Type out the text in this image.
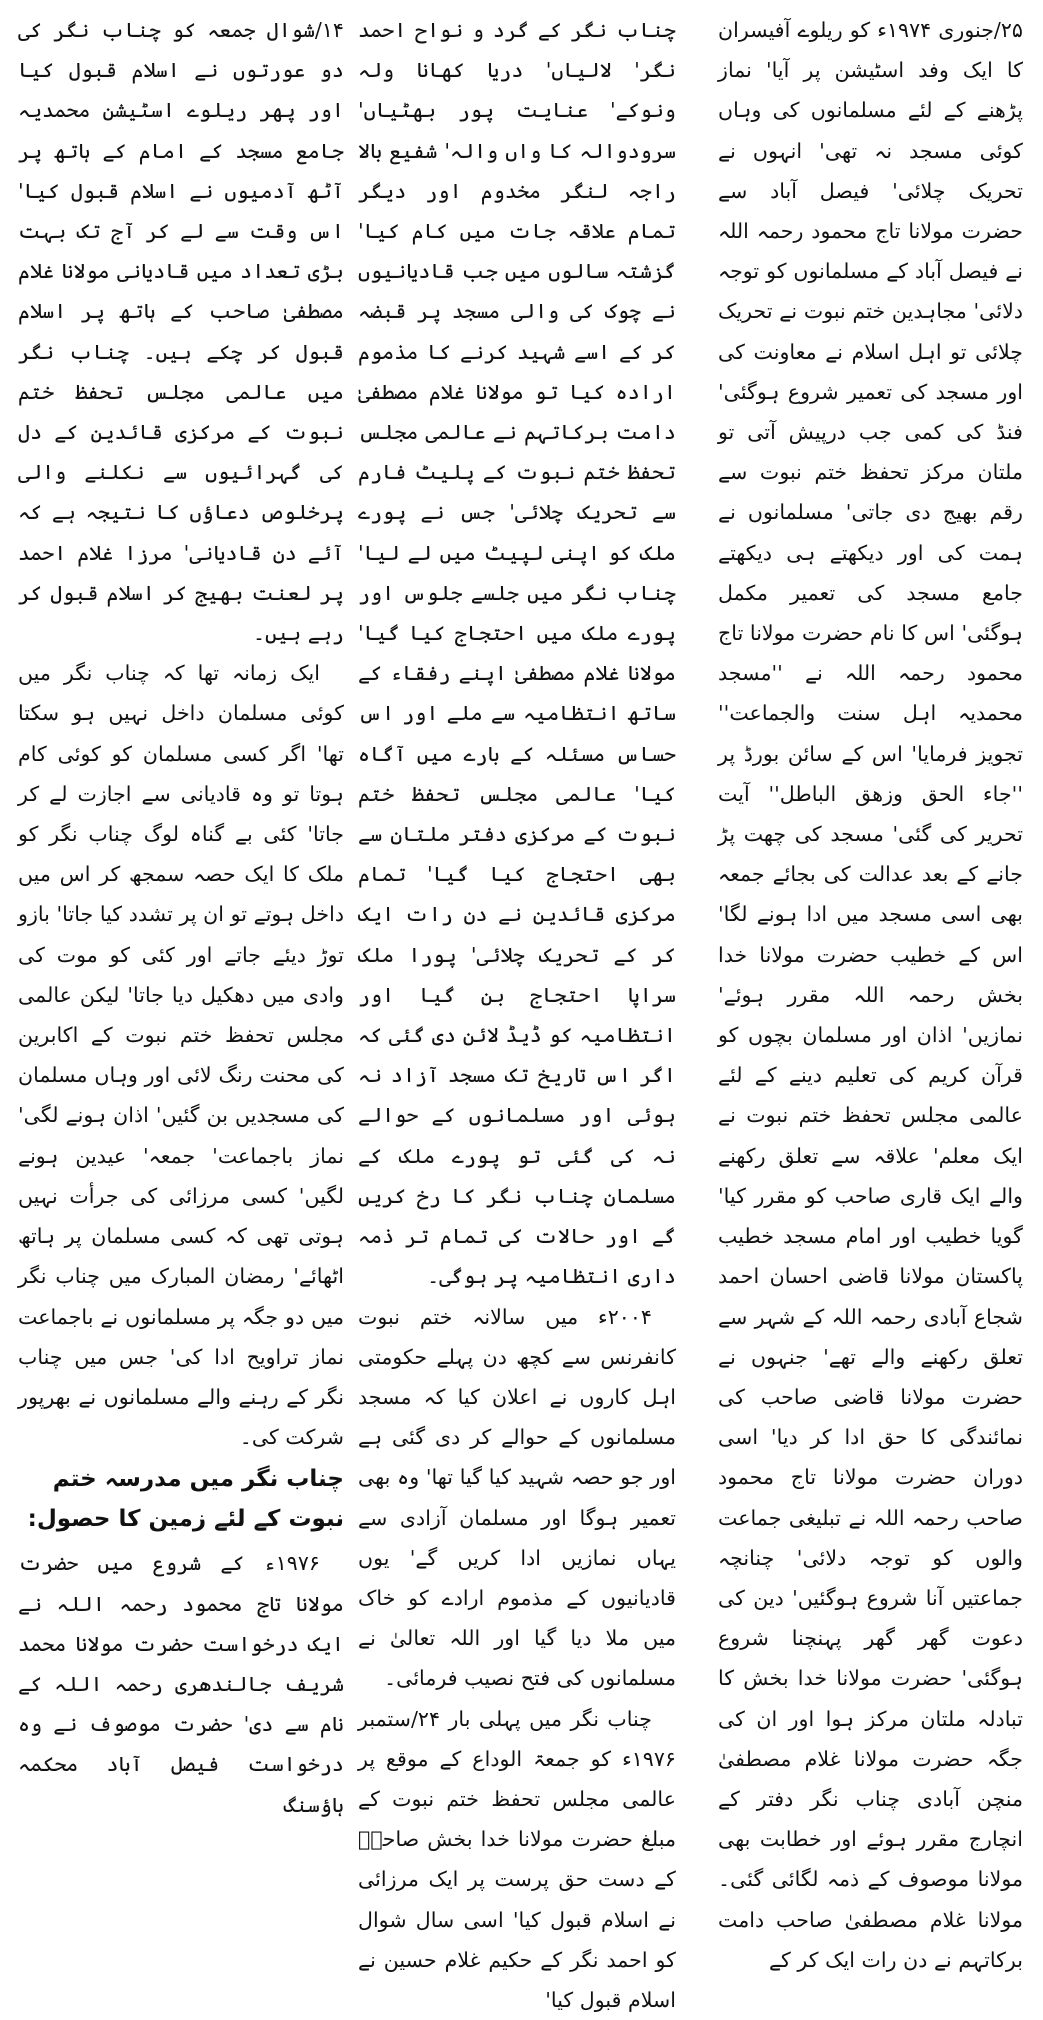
۲۵/جنوری ۱۹۷۴ء کو ریلوے آفیسران کا ایک وفد اسٹیشن پر آیا' نماز پڑھنے کے لئے مسلمانوں کی وہاں کوئی مسجد نہ تھی' انہوں نے تحریک چلائی' فیصل آباد سے حضرت مولانا تاج محمود رحمہ اللہ نے فیصل آباد کے مسلمانوں کو توجہ دلائی' مجاہدین ختم نبوت نے تحریک چلائی تو اہل اسلام نے معاونت کی اور مسجد کی تعمیر شروع ہوگئی' فنڈ کی کمی جب درپیش آتی تو ملتان مرکز تحفظ ختم نبوت سے رقم بھیج دی جاتی' مسلمانوں نے ہمت کی اور دیکھتے ہی دیکھتے جامع مسجد کی تعمیر مکمل ہوگئی' اس کا نام حضرت مولانا تاج محمود رحمہ اللہ نے ''مسجد محمدیہ اہل سنت والجماعت'' تجویز فرمایا' اس کے سائن بورڈ پر ''جاء الحق وزھق الباطل'' آیت تحریر کی گئی' مسجد کی چھت پڑ جانے کے بعد عدالت کی بجائے جمعہ بھی اسی مسجد میں ادا ہونے لگا' اس کے خطیب حضرت مولانا خدا بخش رحمہ اللہ مقرر ہوئے' نمازیں' اذان اور مسلمان بچوں کو قرآن کریم کی تعلیم دینے کے لئے عالمی مجلس تحفظ ختم نبوت نے ایک معلم' علاقہ سے تعلق رکھنے والے ایک قاری صاحب کو مقرر کیا' گویا خطیب اور امام مسجد خطیب پاکستان مولانا قاضی احسان احمد شجاع آبادی رحمہ اللہ کے شہر سے تعلق رکھنے والے تھے' جنہوں نے حضرت مولانا قاضی صاحب کی نمائندگی کا حق ادا کر دیا' اسی دوران حضرت مولانا تاج محمود صاحب رحمہ اللہ نے تبلیغی جماعت والوں کو توجہ دلائی' چنانچہ جماعتیں آنا شروع ہوگئیں' دین کی دعوت گھر گھر پہنچنا شروع ہوگئی' حضرت مولانا خدا بخش کا تبادلہ ملتان مرکز ہوا اور ان کی جگہ حضرت مولانا غلام مصطفیٰ منچن آبادی چناب نگر دفتر کے انچارج مقرر ہوئے اور خطابت بھی مولانا موصوف کے ذمہ لگائی گئی۔ مولانا غلام مصطفیٰ صاحب دامت برکاتہم نے دن رات ایک کر کے

چناب نگر کے گرد و نواح احمد نگر' لالیاں' دریا کھانا ولہ ونوکے' عنایت پور بھٹیاں' سرودوالہ کا واں والہ' شفیع بالا راجہ لنگر مخدوم اور دیگر تمام علاقہ جات میں کام کیا' گزشتہ سالوں میں جب قادیانیوں نے چوک کی والی مسجد پر قبضہ کر کے اسے شہید کرنے کا مذموم ارادہ کیا تو مولانا غلام مصطفیٰ دامت برکاتہم نے عالمی مجلس تحفظ ختم نبوت کے پلیٹ فارم سے تحریک چلائی' جس نے پورے ملک کو اپنی لپیٹ میں لے لیا' چناب نگر میں جلسے جلوس اور پورے ملک میں احتجاج کیا گیا' مولانا غلام مصطفیٰ اپنے رفقاء کے ساتھ انتظامیہ سے ملے اور اس حساس مسئلہ کے بارے میں آگاہ کیا' عالمی مجلس تحفظ ختم نبوت کے مرکزی دفتر ملتان سے بھی احتجاج کیا گیا' تمام مرکزی قائدین نے دن رات ایک کر کے تحریک چلائی' پورا ملک سراپا احتجاج بن گیا اور انتظامیہ کو ڈیڈ لائن دی گئی کہ اگر اس تاریخ تک مسجد آزاد نہ ہوئی اور مسلمانوں کے حوالے نہ کی گئی تو پورے ملک کے مسلمان چناب نگر کا رخ کریں گے اور حالات کی تمام تر ذمہ داری انتظامیہ پر ہوگی۔

۲۰۰۴ء میں سالانہ ختم نبوت کانفرنس سے کچھ دن پہلے حکومتی اہل کاروں نے اعلان کیا کہ مسجد مسلمانوں کے حوالے کر دی گئی ہے اور جو حصہ شہید کیا گیا تھا' وہ بھی تعمیر ہوگا اور مسلمان آزادی سے یہاں نمازیں ادا کریں گے' یوں قادیانیوں کے مذموم ارادے کو خاک میں ملا دیا گیا اور اللہ تعالیٰ نے مسلمانوں کی فتح نصیب فرمائی۔

چناب نگر میں پہلی بار ۲۴/ستمبر ۱۹۷۶ء کو جمعۃ الوداع کے موقع پر عالمی مجلس تحفظ ختم نبوت کے مبلغ حضرت مولانا خدا بخش صاحبؒ کے دست حق پرست پر ایک مرزائی نے اسلام قبول کیا' اسی سال شوال کو احمد نگر کے حکیم غلام حسین نے اسلام قبول کیا'

۱۴/شوال جمعہ کو چناب نگر کی دو عورتوں نے اسلام قبول کیا اور پھر ریلوے اسٹیشن محمدیہ جامع مسجد کے امام کے ہاتھ پر آٹھ آدمیوں نے اسلام قبول کیا' اس وقت سے لے کر آج تک بہت بڑی تعداد میں قادیانی مولانا غلام مصطفیٰ صاحب کے ہاتھ پر اسلام قبول کر چکے ہیں۔ چناب نگر میں عالمی مجلس تحفظ ختم نبوت کے مرکزی قائدین کے دل کی گہرائیوں سے نکلنے والی پرخلوص دعاؤں کا نتیجہ ہے کہ آئے دن قادیانی' مرزا غلام احمد پر لعنت بھیج کر اسلام قبول کر رہے ہیں۔

ایک زمانہ تھا کہ چناب نگر میں کوئی مسلمان داخل نہیں ہو سکتا تھا' اگر کسی مسلمان کو کوئی کام ہوتا تو وہ قادیانی سے اجازت لے کر جاتا' کئی بے گناہ لوگ چناب نگر کو ملک کا ایک حصہ سمجھ کر اس میں داخل ہوتے تو ان پر تشدد کیا جاتا' بازو توڑ دیئے جاتے اور کئی کو موت کی وادی میں دھکیل دیا جاتا' لیکن عالمی مجلس تحفظ ختم نبوت کے اکابرین کی محنت رنگ لائی اور وہاں مسلمان کی مسجدیں بن گئیں' اذان ہونے لگی' نماز باجماعت' جمعہ' عیدین ہونے لگیں' کسی مرزائی کی جرأت نہیں ہوتی تھی کہ کسی مسلمان پر ہاتھ اٹھائے' رمضان المبارک میں چناب نگر میں دو جگہ پر مسلمانوں نے باجماعت نماز تراویح ادا کی' جس میں چناب نگر کے رہنے والے مسلمانوں نے بھرپور شرکت کی۔

چناب نگر میں مدرسہ ختم نبوت کے لئے زمین کا حصول:

۱۹۷۶ء کے شروع میں حضرت مولانا تاج محمود رحمہ اللہ نے ایک درخواست حضرت مولانا محمد شریف جالندھری رحمہ اللہ کے نام سے دی' حضرت موصوف نے وہ درخواست فیصل آباد محکمہ ہاؤسنگ
